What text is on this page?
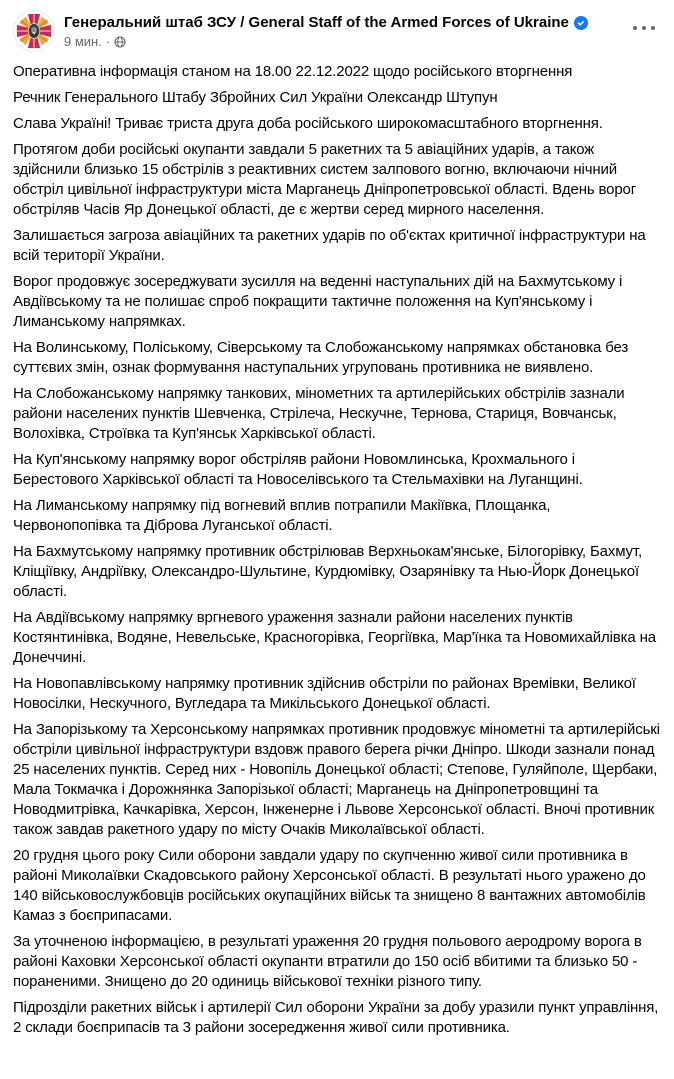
Генеральний штаб ЗСУ / General Staff of the Armed Forces of Ukraine
9 мин. ·

Оперативна інформація станом на 18.00 22.12.2022 щодо російського вторгнення

Речник Генерального Штабу Збройних Сил України Олександр Штупун

Слава Україні! Триває триста друга доба російського широкомасштабного вторгнення.

Протягом доби російські окупанти завдали 5 ракетних та 5 авіаційних ударів, а також здійснили близько 15 обстрілів з реактивних систем залпового вогню, включаючи нічний обстріл цивільної інфраструктури міста Марганець Дніпропетровської області. Вдень ворог обстріляв Часів Яр Донецької області, де є жертви серед мирного населення.

Залишається загроза авіаційних та ракетних ударів по об'єктах критичної інфраструктури на всій території України.

Ворог продовжує зосереджувати зусилля на веденні наступальних дій на Бахмутському і Авдіївському та не полишає спроб покращити тактичне положення на Куп'янському і Лиманському напрямках.

На Волинському, Поліському, Сіверському та Слобожанському напрямках обстановка без суттєвих змін, ознак формування наступальних угруповань противника не виявлено.

На Слобожанському напрямку танкових, мінометних та артилерійських обстрілів зазнали райони населених пунктів Шевченка, Стрілеча, Нескучне, Тернова, Стариця, Вовчанськ, Волохівка, Строївка та Куп'янськ Харківської області.

На Куп'янському напрямку ворог обстріляв райони Новомлинська, Крохмального і Берестового Харківської області та Новоселівського та Стельмахівки на Луганщині.

На Лиманському напрямку під вогневий вплив потрапили Макіївка, Площанка, Червонопопівка та Діброва Луганської області.

На Бахмутському напрямку противник обстрілював Верхньокам'янське, Білогорівку, Бахмут, Кліщіївку, Андріївку, Олександро-Шультине, Курдюмівку, Озарянівку та Нью-Йорк Донецької області.

На Авдіївському напрямку вргневого ураження зазнали райони населених пунктів Костянтинівка, Водяне, Невельське, Красногорівка, Георгіївка, Мар'їнка та Новомихайлівка на Донеччині.

На Новопавлівському напрямку противник здійснив обстріли по районах Времівки, Великої Новосілки, Нескучного, Вугледара та Микільського Донецької області.

На Запорізькому та Херсонському напрямках противник продовжує мінометні та артилерійські обстріли цивільної інфраструктури вздовж правого берега річки Дніпро. Шкоди зазнали понад 25 населених пунктів. Серед них - Новопіль Донецької області; Степове, Гуляйполе, Щербаки, Мала Токмачка і Дорожнянка Запорізької області; Марганець на Дніпропетровщині та Новодмитрівка, Качкарівка, Херсон, Інженерне і Львове Херсонської області. Вночі противник також завдав ракетного удару по місту Очаків Миколаївської області.

20 грудня цього року Сили оборони завдали удару по скупченню живої сили противника в районі Миколаївки Скадовського району Херсонської області. В результаті нього уражено до 140 військовослужбовців російських окупаційних військ та знищено 8 вантажних автомобілів Камаз з боєприпасами.

За уточненою інформацією, в результаті ураження 20 грудня польового аеродрому ворога в районі Каховки Херсонської області окупанти втратили до 150 осіб вбитими та близько 50 - пораненими. Знищено до 20 одиниць військової техніки різного типу.

Підрозділи ракетних військ і артилерії Сил оборони України за добу уразили пункт управління, 2 склади боєприпасів та 3 райони зосередження живої сили противника.
